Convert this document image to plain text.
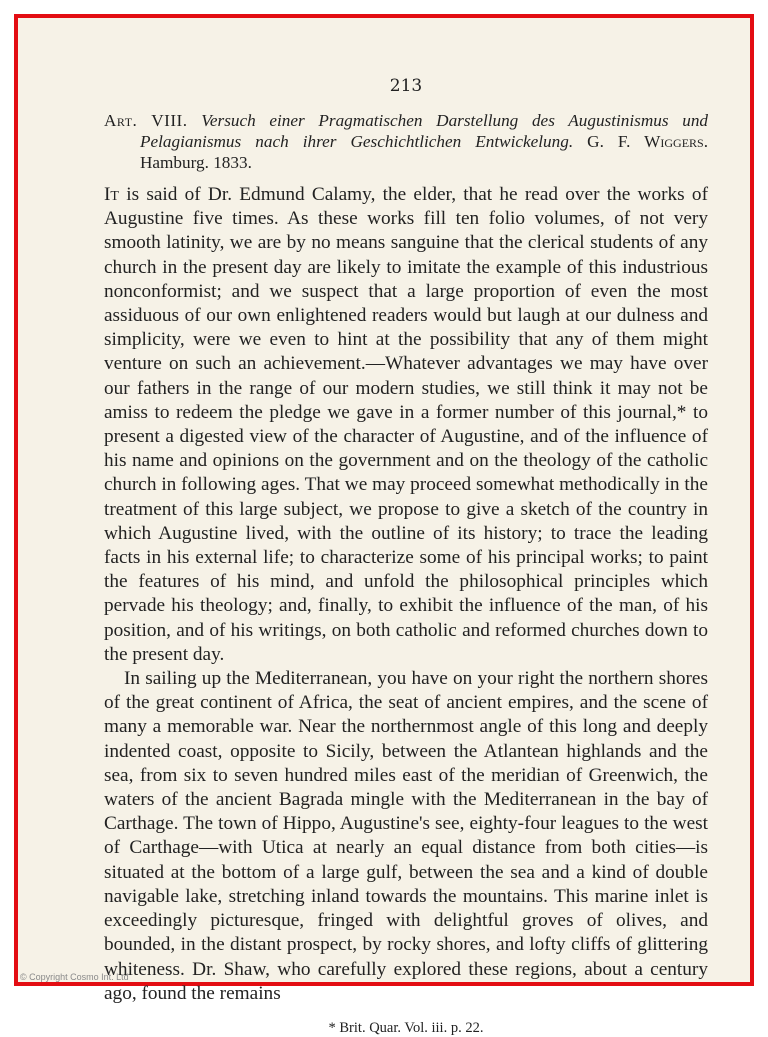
213

Art. VIII. Versuch einer Pragmatischen Darstellung des Augustinismus und Pelagianismus nach ihrer Geschichtlichen Entwickelung. G. F. Wiggers. Hamburg. 1833.

It is said of Dr. Edmund Calamy, the elder, that he read over the works of Augustine five times. As these works fill ten folio volumes, of not very smooth latinity, we are by no means sanguine that the clerical students of any church in the present day are likely to imitate the example of this industrious nonconformist; and we suspect that a large proportion of even the most assiduous of our own enlightened readers would but laugh at our dulness and simplicity, were we even to hint at the possibility that any of them might venture on such an achievement.—Whatever advantages we may have over our fathers in the range of our modern studies, we still think it may not be amiss to redeem the pledge we gave in a former number of this journal,* to present a digested view of the character of Augustine, and of the influence of his name and opinions on the government and on the theology of the catholic church in following ages. That we may proceed somewhat methodically in the treatment of this large subject, we propose to give a sketch of the country in which Augustine lived, with the outline of its history; to trace the leading facts in his external life; to characterize some of his principal works; to paint the features of his mind, and unfold the philosophical principles which pervade his theology; and, finally, to exhibit the influence of the man, of his position, and of his writings, on both catholic and reformed churches down to the present day.

In sailing up the Mediterranean, you have on your right the northern shores of the great continent of Africa, the seat of ancient empires, and the scene of many a memorable war. Near the northernmost angle of this long and deeply indented coast, opposite to Sicily, between the Atlantean highlands and the sea, from six to seven hundred miles east of the meridian of Greenwich, the waters of the ancient Bagrada mingle with the Mediterranean in the bay of Carthage. The town of Hippo, Augustine's see, eighty-four leagues to the west of Carthage—with Utica at nearly an equal distance from both cities—is situated at the bottom of a large gulf, between the sea and a kind of double navigable lake, stretching inland towards the mountains. This marine inlet is exceedingly picturesque, fringed with delightful groves of olives, and bounded, in the distant prospect, by rocky shores, and lofty cliffs of glittering whiteness. Dr. Shaw, who carefully explored these regions, about a century ago, found the remains

* Brit. Quar. Vol. iii. p. 22.
© Copyright Cosmo Int. Ltd
